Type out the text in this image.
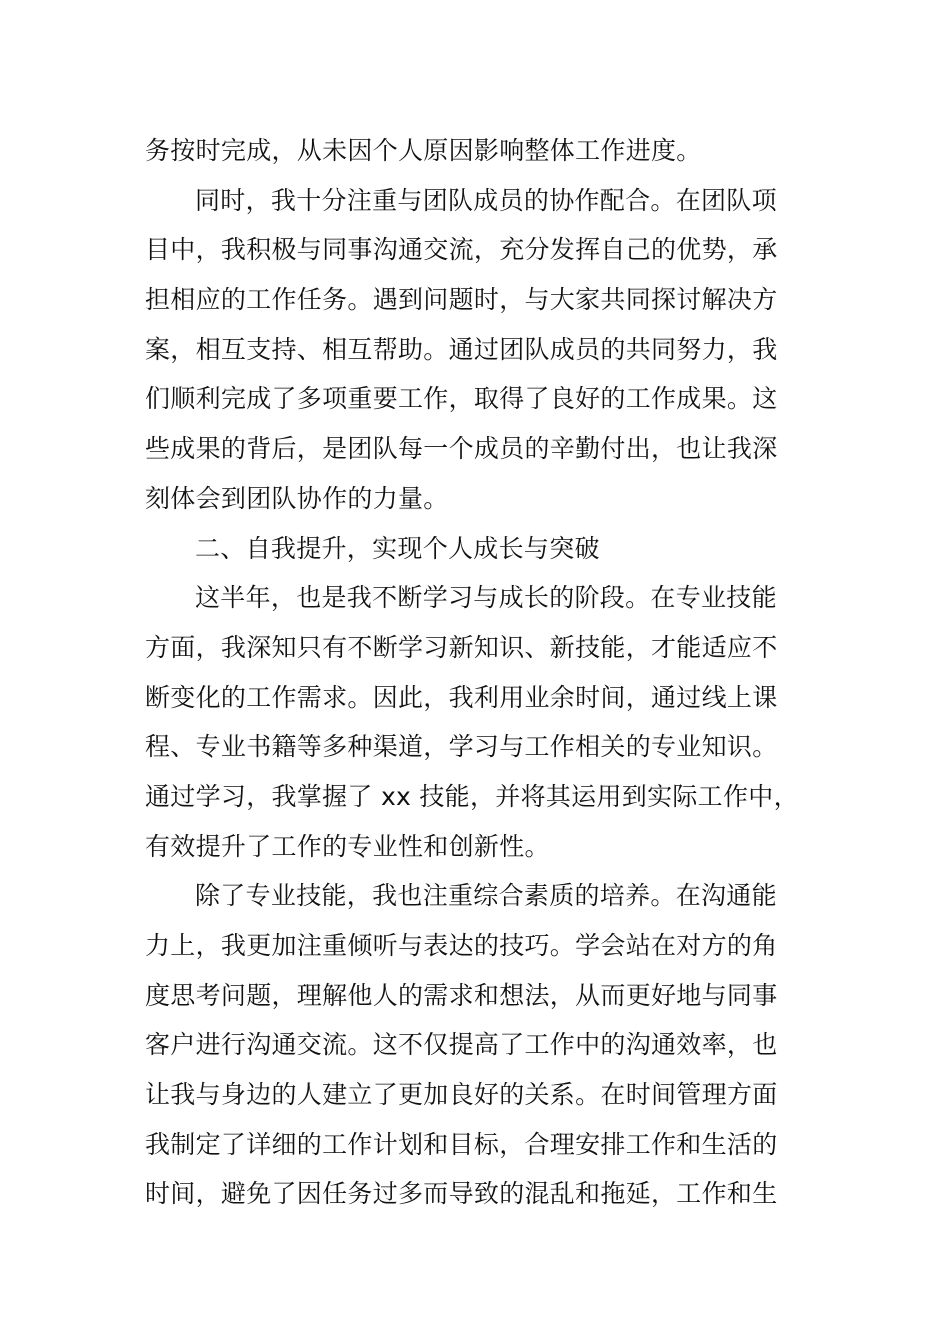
务按时完成，从未因个人原因影响整体工作进度。
同时，我十分注重与团队成员的协作配合。在团队项
目中，我积极与同事沟通交流，充分发挥自己的优势，承
担相应的工作任务。遇到问题时，与大家共同探讨解决方
案，相互支持、相互帮助。通过团队成员的共同努力，我
们顺利完成了多项重要工作，取得了良好的工作成果。这
些成果的背后，是团队每一个成员的辛勤付出，也让我深
刻体会到团队协作的力量。
二、自我提升，实现个人成长与突破
这半年，也是我不断学习与成长的阶段。在专业技能
方面，我深知只有不断学习新知识、新技能，才能适应不
断变化的工作需求。因此，我利用业余时间，通过线上课
程、专业书籍等多种渠道，学习与工作相关的专业知识。
通过学习，我掌握了 xx 技能，并将其运用到实际工作中，
有效提升了工作的专业性和创新性。
除了专业技能，我也注重综合素质的培养。在沟通能
力上，我更加注重倾听与表达的技巧。学会站在对方的角
度思考问题，理解他人的需求和想法，从而更好地与同事
客户进行沟通交流。这不仅提高了工作中的沟通效率，也
让我与身边的人建立了更加良好的关系。在时间管理方面
我制定了详细的工作计划和目标，合理安排工作和生活的
时间，避免了因任务过多而导致的混乱和拖延，工作和生
